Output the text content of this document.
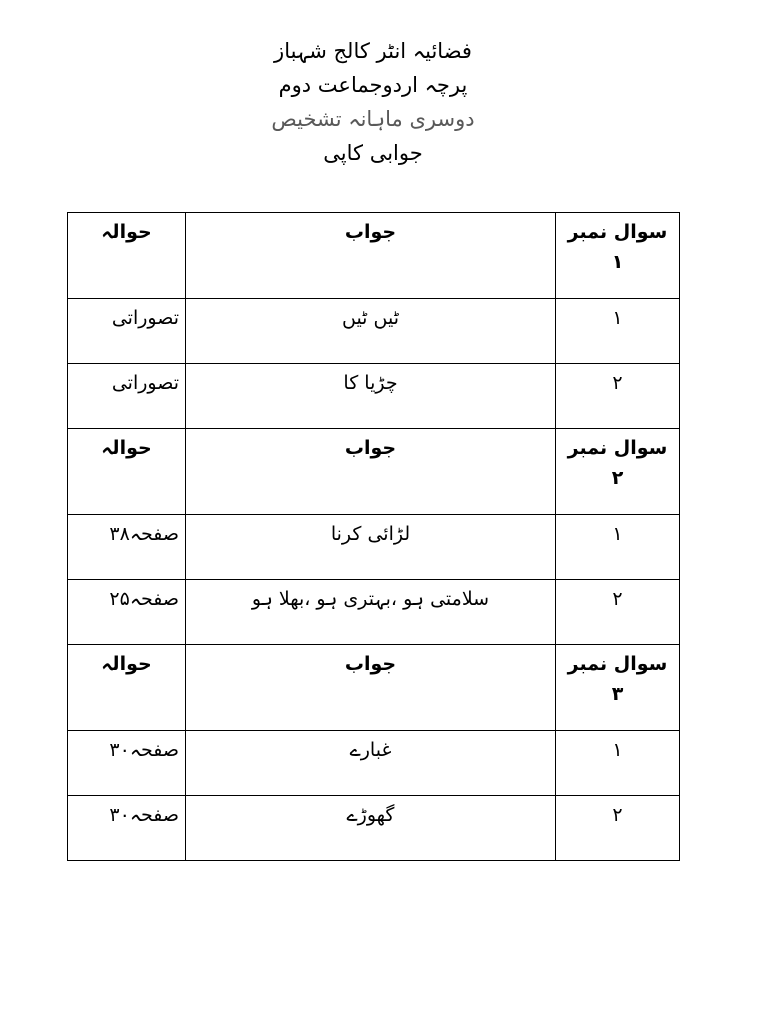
فضائیہ انٹر کالج شہباز
پرچہ اردوجماعت دوم
دوسری ماہانہ تشخیص
جوابی کاپی
سوال نمبر ۱	جواب	حوالہ
۱	ٹیں ٹیں	تصوراتی
۲	چڑیا کا	تصوراتی
سوال نمبر ۲	جواب	حوالہ
۱	لڑائی کرنا	صفحہ۳۸
۲	سلامتی ہو ،بہتری ہو ،بھلا ہو	صفحہ۲۵
سوال نمبر ۳	جواب	حوالہ
۱	غبارے	صفحہ۳۰
۲	گھوڑے	صفحہ۳۰
